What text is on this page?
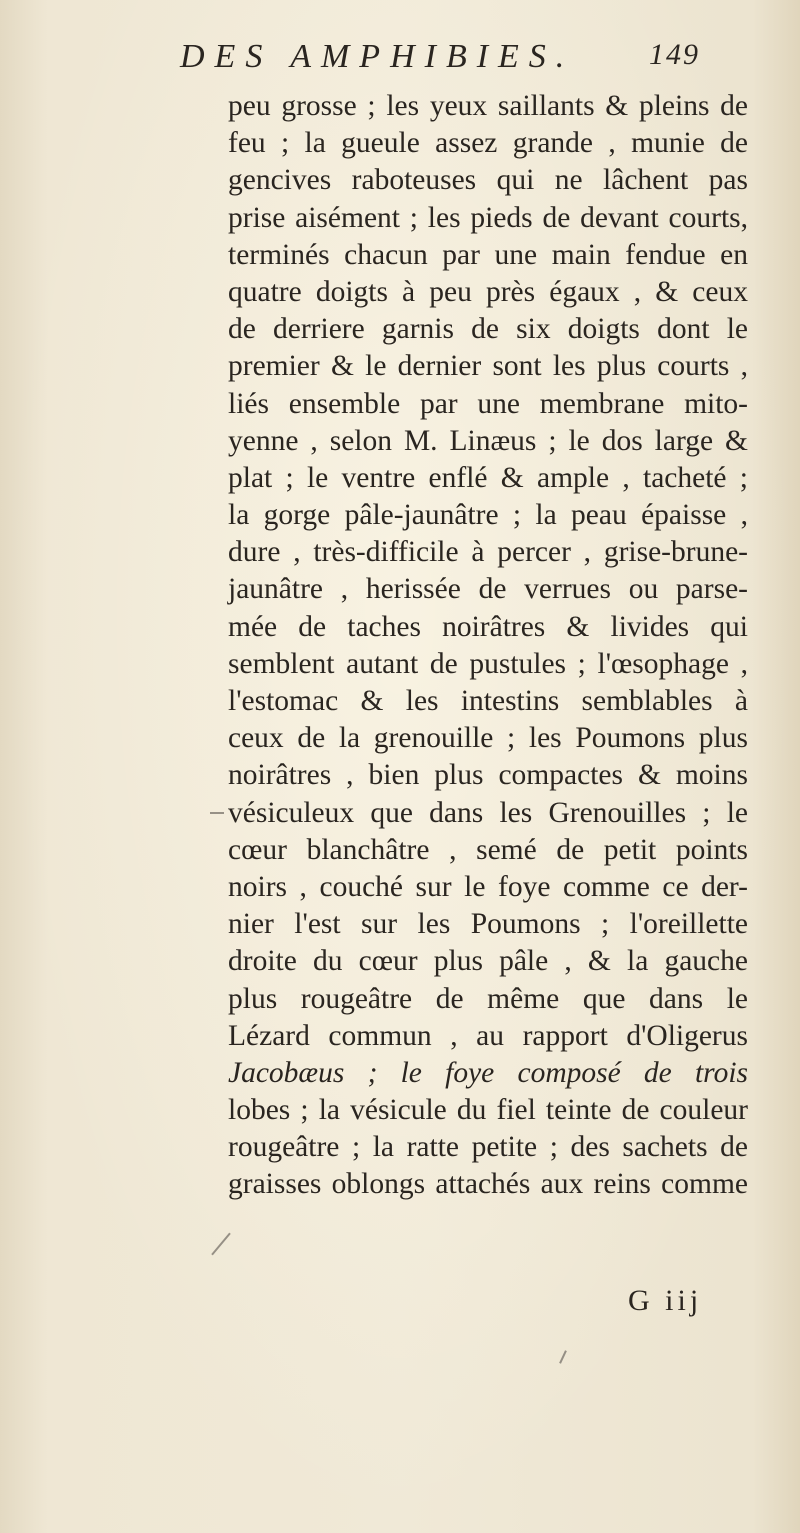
DES AMPHIBIES. 149
peu grosse ; les yeux saillants & pleins de
feu ; la gueule assez grande , munie de
gencives raboteuses qui ne lâchent pas
prise aisément ; les pieds de devant courts,
terminés chacun par une main fendue en
quatre doigts à peu près égaux , & ceux
de derriere garnis de six doigts dont le
premier & le dernier sont les plus courts ,
liés ensemble par une membrane mito-
yenne , selon M. Linæus ; le dos large &
plat ; le ventre enflé & ample , tacheté ;
la gorge pâle-jaunâtre ; la peau épaisse ,
dure , très-difficile à percer , grise-brune-
jaunâtre , herissée de verrues ou parse-
mée de taches noirâtres & livides qui
semblent autant de pustules ; l'œsophage ,
l'estomac & les intestins semblables à
ceux de la grenouille ; les Poumons plus
noirâtres , bien plus compactes & moins
vésiculeux que dans les Grenouilles ; le
cœur blanchâtre , semé de petit points
noirs , couché sur le foye comme ce der-
nier l'est sur les Poumons ; l'oreillette
droite du cœur plus pâle , & la gauche
plus rougeâtre de même que dans le
Lézard commun , au rapport d'Oligerus
Jacobæus ; le foye composé de trois
lobes ; la vésicule du fiel teinte de couleur
rougeâtre ; la ratte petite ; des sachets de
graisses oblongs attachés aux reins comme
G iij
